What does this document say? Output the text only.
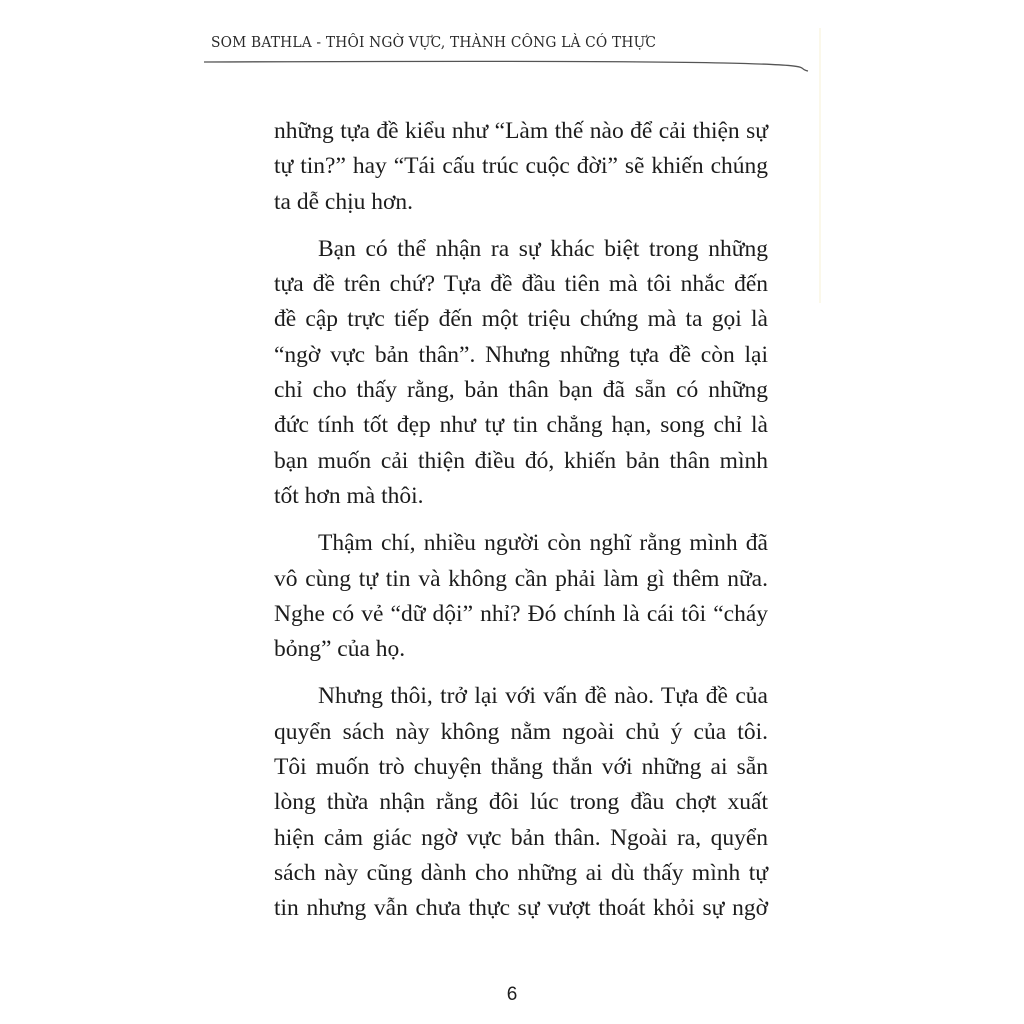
SOM BATHLA - THÔI NGỜ VỰC, THÀNH CÔNG LÀ CÓ THỰC
những tựa đề kiểu như “Làm thế nào để cải thiện sự
tự tin?” hay “Tái cấu trúc cuộc đời” sẽ khiến chúng
ta dễ chịu hơn.
Bạn có thể nhận ra sự khác biệt trong những
tựa đề trên chứ? Tựa đề đầu tiên mà tôi nhắc đến
đề cập trực tiếp đến một triệu chứng mà ta gọi là
“ngờ vực bản thân”. Nhưng những tựa đề còn lại
chỉ cho thấy rằng, bản thân bạn đã sẵn có những
đức tính tốt đẹp như tự tin chẳng hạn, song chỉ là
bạn muốn cải thiện điều đó, khiến bản thân mình
tốt hơn mà thôi.
Thậm chí, nhiều người còn nghĩ rằng mình đã
vô cùng tự tin và không cần phải làm gì thêm nữa.
Nghe có vẻ “dữ dội” nhỉ? Đó chính là cái tôi “cháy
bỏng” của họ.
Nhưng thôi, trở lại với vấn đề nào. Tựa đề của
quyển sách này không nằm ngoài chủ ý của tôi.
Tôi muốn trò chuyện thẳng thắn với những ai sẵn
lòng thừa nhận rằng đôi lúc trong đầu chợt xuất
hiện cảm giác ngờ vực bản thân. Ngoài ra, quyển
sách này cũng dành cho những ai dù thấy mình tự
tin nhưng vẫn chưa thực sự vượt thoát khỏi sự ngờ
6
